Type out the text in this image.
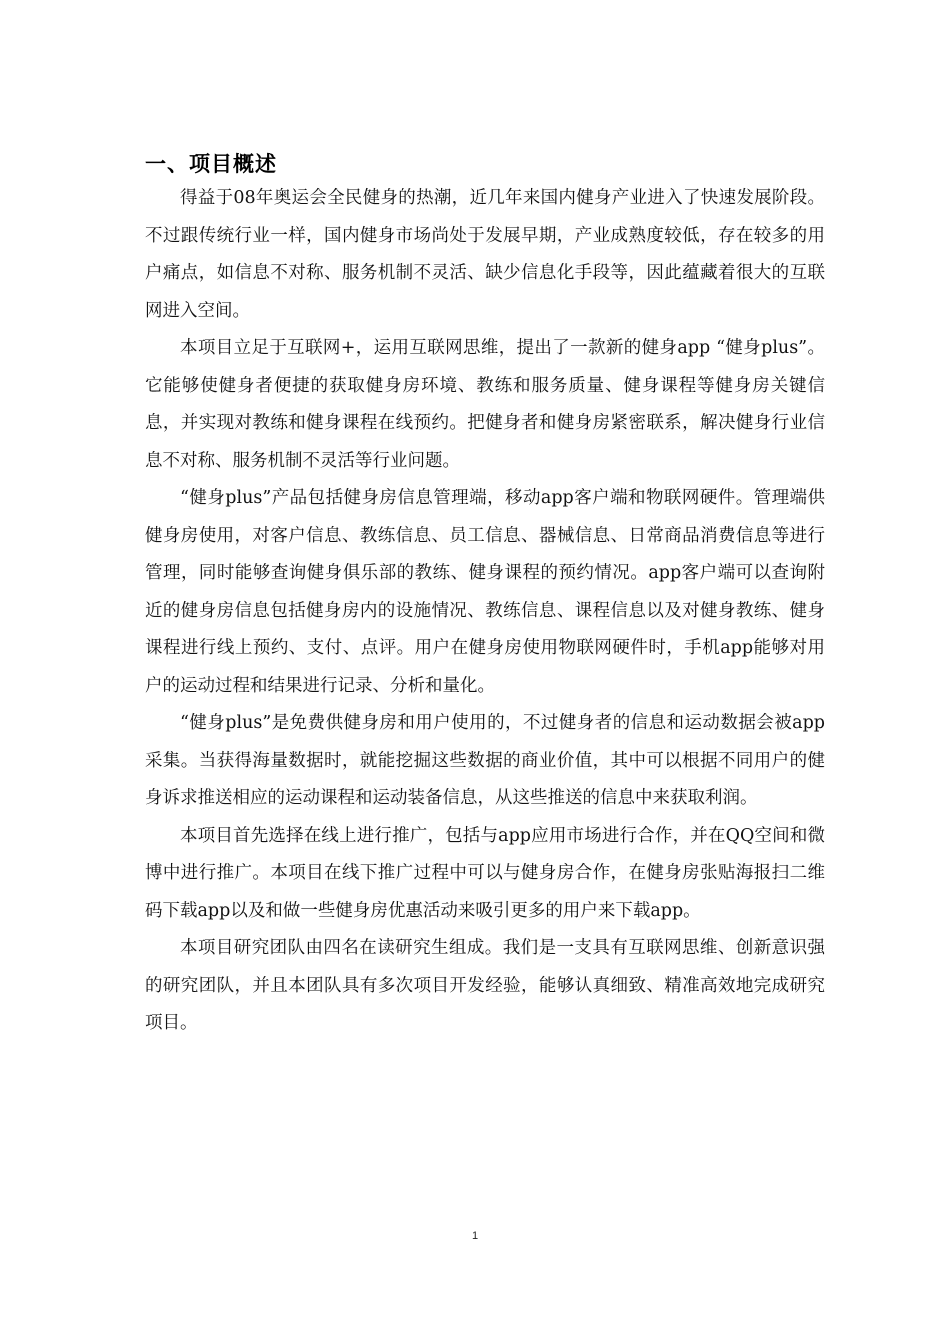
一、项目概述

得益于08年奥运会全民健身的热潮，近几年来国内健身产业进入了快速发展阶段。不过跟传统行业一样，国内健身市场尚处于发展早期，产业成熟度较低，存在较多的用户痛点，如信息不对称、服务机制不灵活、缺少信息化手段等，因此蕴藏着很大的互联网进入空间。

本项目立足于互联网+，运用互联网思维，提出了一款新的健身app “健身plus”。它能够使健身者便捷的获取健身房环境、教练和服务质量、健身课程等健身房关键信息，并实现对教练和健身课程在线预约。把健身者和健身房紧密联系，解决健身行业信息不对称、服务机制不灵活等行业问题。

“健身plus”产品包括健身房信息管理端，移动app客户端和物联网硬件。管理端供健身房使用，对客户信息、教练信息、员工信息、器械信息、日常商品消费信息等进行管理，同时能够查询健身俱乐部的教练、健身课程的预约情况。app客户端可以查询附近的健身房信息包括健身房内的设施情况、教练信息、课程信息以及对健身教练、健身课程进行线上预约、支付、点评。用户在健身房使用物联网硬件时，手机app能够对用户的运动过程和结果进行记录、分析和量化。

“健身plus”是免费供健身房和用户使用的，不过健身者的信息和运动数据会被app采集。当获得海量数据时，就能挖掘这些数据的商业价值，其中可以根据不同用户的健身诉求推送相应的运动课程和运动装备信息，从这些推送的信息中来获取利润。

本项目首先选择在线上进行推广，包括与app应用市场进行合作，并在QQ空间和微博中进行推广。本项目在线下推广过程中可以与健身房合作，在健身房张贴海报扫二维码下载app以及和做一些健身房优惠活动来吸引更多的用户来下载app。

本项目研究团队由四名在读研究生组成。我们是一支具有互联网思维、创新意识强的研究团队，并且本团队具有多次项目开发经验，能够认真细致、精准高效地完成研究项目。

1
